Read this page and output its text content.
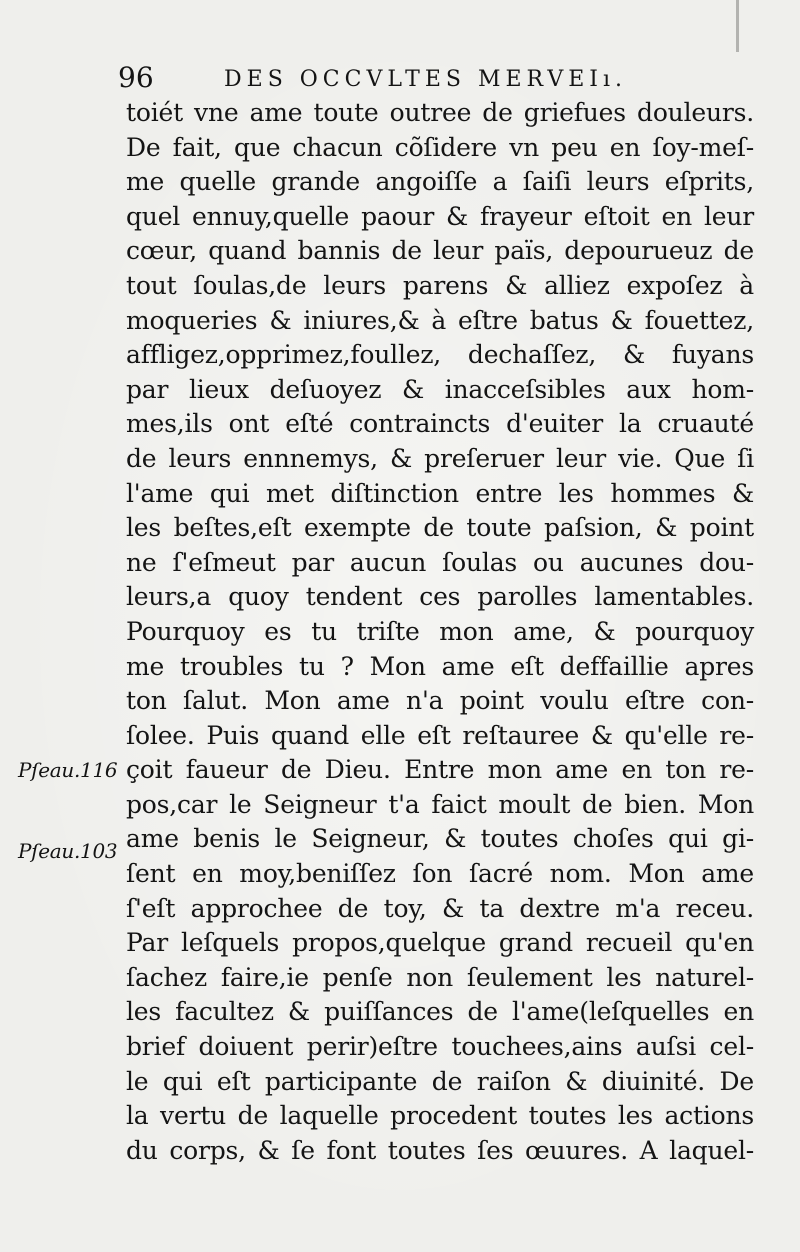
96	DES OCCVLTES MERVEIı.
Pſeau.116
Pſeau.103
toiét vne ame toute outree de griefues douleurs.
De fait, que chacun cõſidere vn peu en ſoy-meſ-
me quelle grande angoiſſe a ſaiſi leurs eſprits,
quel ennuy,quelle paour & frayeur eſtoit en leur
cœur, quand bannis de leur païs, depourueuz de
tout ſoulas,de leurs parens & alliez expoſez à
moqueries & iniures,& à eſtre batus & fouettez,
affligez,opprimez,foullez, dechaſſez, & fuyans
par lieux deſuoyez & inacceſsibles aux hom-
mes,ils ont eſté contraincts d'euiter la cruauté
de leurs ennnemys, & preſeruer leur vie. Que ſi
l'ame qui met diſtinction entre les hommes &
les beſtes,eſt exempte de toute paſsion, & point
ne ſ'eſmeut par aucun ſoulas ou aucunes dou-
leurs,a quoy tendent ces parolles lamentables.
Pourquoy es tu triſte mon ame, & pourquoy
me troubles tu ? Mon ame eſt deffaillie apres
ton ſalut. Mon ame n'a point voulu eſtre con-
ſolee. Puis quand elle eſt reſtauree & qu'elle re-
çoit faueur de Dieu. Entre mon ame en ton re-
pos,car le Seigneur t'a faict moult de bien. Mon
ame benis le Seigneur, & toutes choſes qui gi-
ſent en moy,beniſſez ſon ſacré nom. Mon ame
ſ'eſt approchee de toy, & ta dextre m'a receu.
Par leſquels propos,quelque grand recueil qu'en
ſachez faire,ie penſe non ſeulement les naturel-
les facultez & puiſſances de l'ame(leſquelles en
brief doiuent perir)eſtre touchees,ains auſsi cel-
le qui eſt participante de raiſon & diuinité. De
la vertu de laquelle procedent toutes les actions
du corps, & ſe font toutes ſes œuures. A laquel-
